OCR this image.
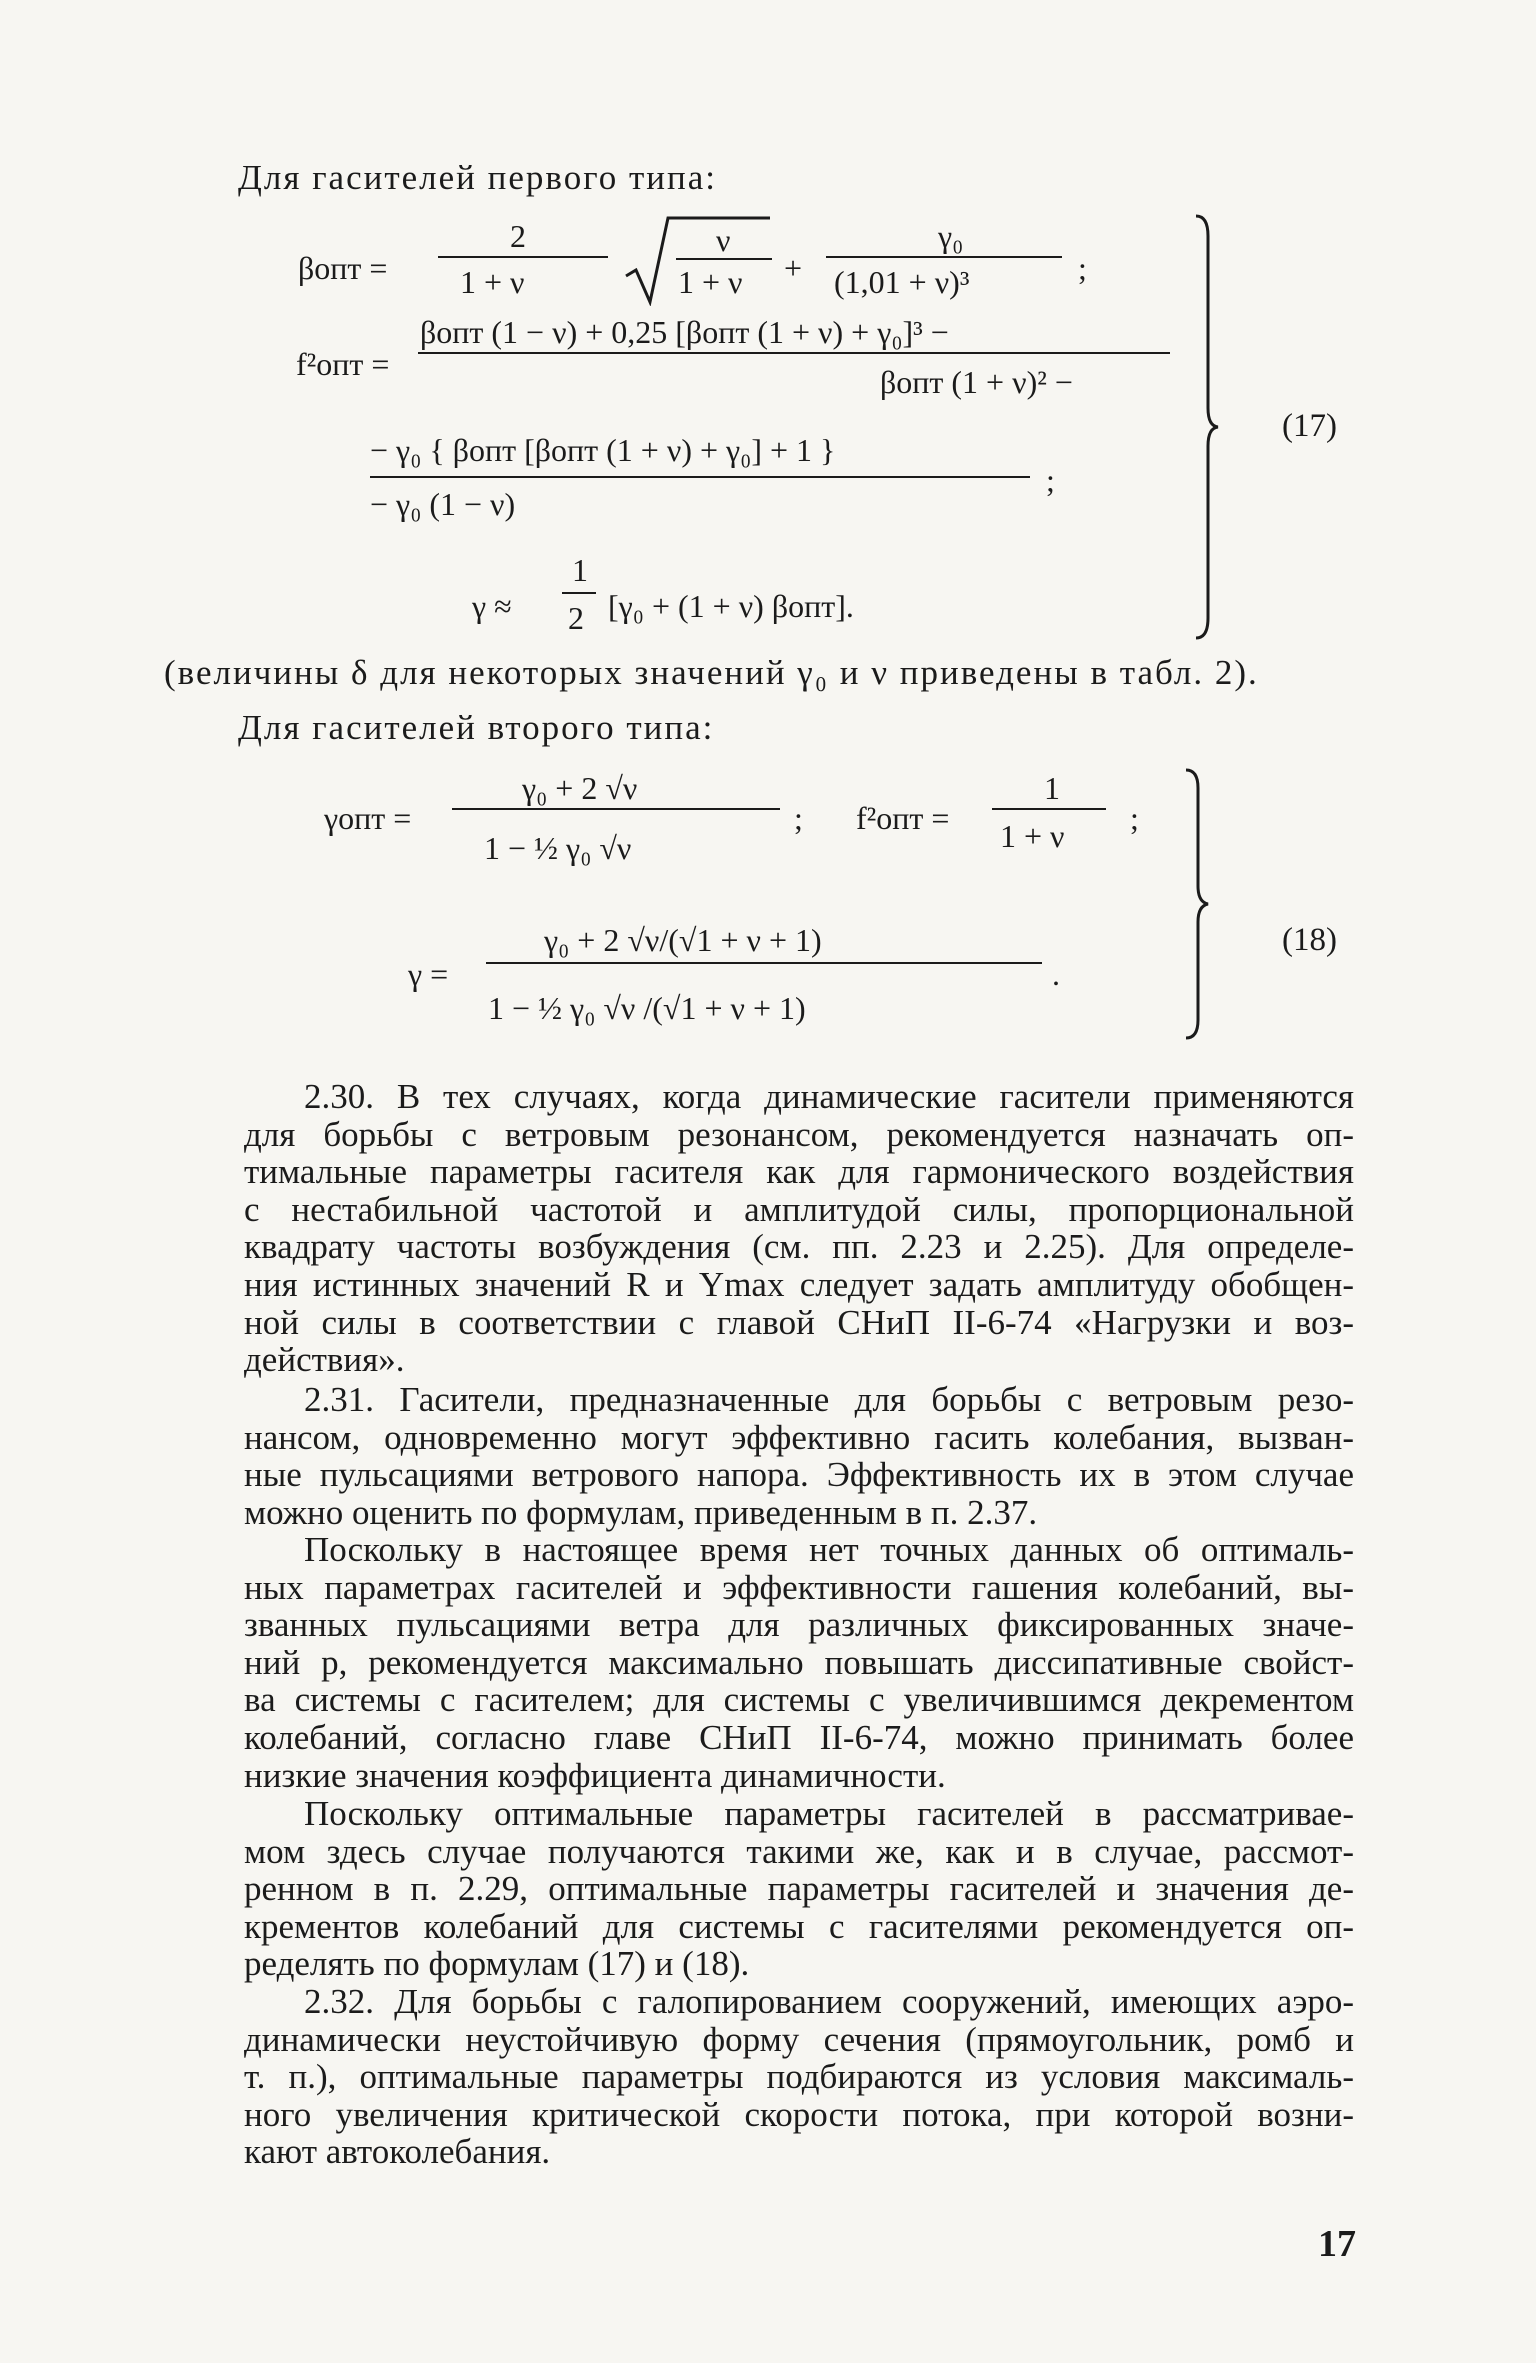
Для гасителей первого типа:
βопт =
2
1 + ν
ν
1 + ν +
γ₀
(1,01 + ν)³	;
f²опт =
βопт (1 − ν) + 0,25 [βопт (1 + ν) + γ₀]³ −
βопт (1 + ν)² −
− γ₀ { βопт [βопт (1 + ν) + γ₀] + 1 }
− γ₀ (1 − ν)
;
γ ≈
1
2 [γ₀ + (1 + ν) βопт].
(17)
(величины δ для некоторых значений γ₀ и ν приведены в табл. 2).
Для гасителей второго типа:
γопт =
γ₀ + 2 √ν
1 − ½ γ₀ √ν
; f²опт =
1
1 + ν ;
γ =
γ₀ + 2 √ν/(√1 + ν + 1)
1 − ½ γ₀ √ν /(√1 + ν + 1)
.
(18)

2.30. В тех случаях, когда динамические гасители применяются

для борьбы с ветровым резонансом, рекомендуется назначать оп-

тимальные параметры гасителя как для гармонического воздействия

с нестабильной частотой и амплитудой силы, пропорциональной

квадрату частоты возбуждения (см. пп. 2.23 и 2.25). Для определе-

ния истинных значений R и Ymax следует задать амплитуду обобщен-

ной силы в соответствии с главой СНиП II-6-74 «Нагрузки и воз-

действия».

2.31. Гасители, предназначенные для борьбы с ветровым резо-

нансом, одновременно могут эффективно гасить колебания, вызван-

ные пульсациями ветрового напора. Эффективность их в этом случае

можно оценить по формулам, приведенным в п. 2.37.

Поскольку в настоящее время нет точных данных об оптималь-

ных параметрах гасителей и эффективности гашения колебаний, вы-

званных пульсациями ветра для различных фиксированных значе-

ний p, рекомендуется максимально повышать диссипативные свойст-

ва системы с гасителем; для системы с увеличившимся декрементом

колебаний, согласно главе СНиП II-6-74, можно принимать более

низкие значения коэффициента динамичности.

Поскольку оптимальные параметры гасителей в рассматривае-

мом здесь случае получаются такими же, как и в случае, рассмот-

ренном в п. 2.29, оптимальные параметры гасителей и значения де-

крементов колебаний для системы с гасителями рекомендуется оп-

ределять по формулам (17) и (18).

2.32. Для борьбы с галопированием сооружений, имеющих аэро-

динамически неустойчивую форму сечения (прямоугольник, ромб и

т. п.), оптимальные параметры подбираются из условия максималь-

ного увеличения критической скорости потока, при которой возни-

кают автоколебания.

17
